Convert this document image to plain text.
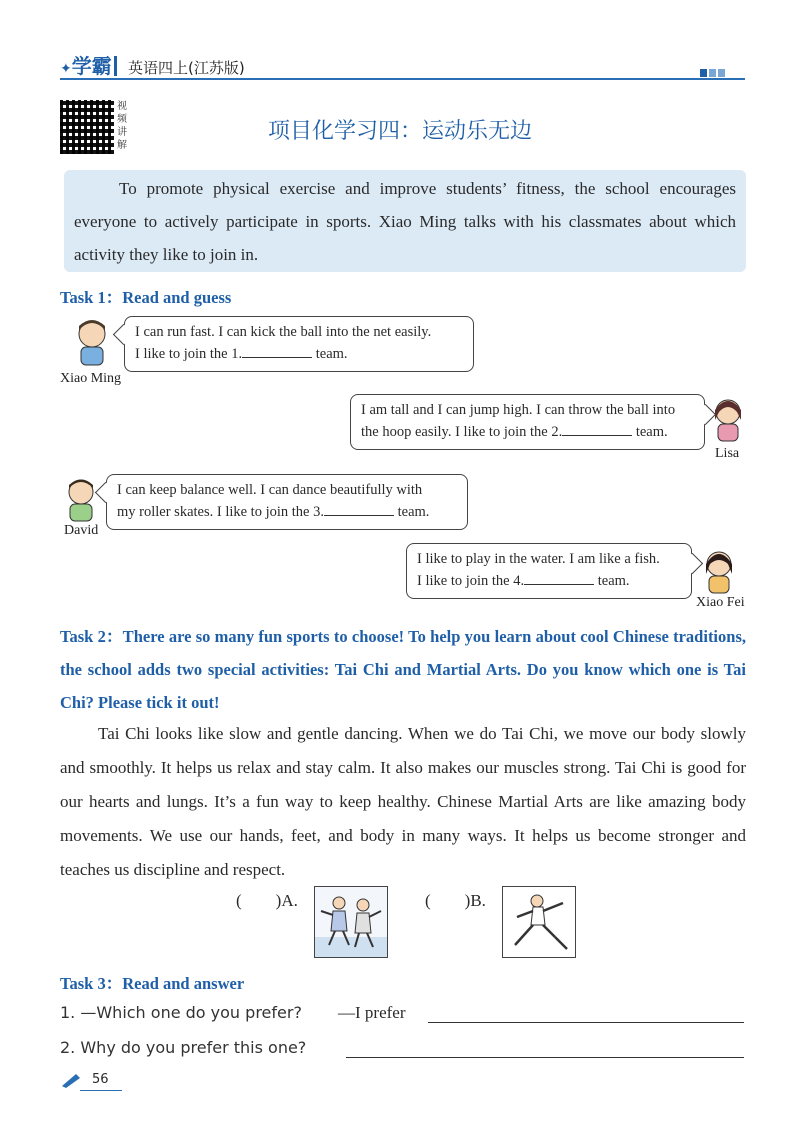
✦学霸 英语四上(江苏版)
视频讲解
项目化学习四：运动乐无边

To promote physical exercise and improve students’ fitness, the school encourages everyone to actively participate in sports. Xiao Ming talks with his classmates about which activity they like to join in.

Task 1：Read and guess
Xiao Ming
I can run fast. I can kick the ball into the net easily.
I like to join the 1.	team.
I am tall and I can jump high. I can throw the ball into
the hoop easily. I like to join the 2.	team.
Lisa
David
I can keep balance well. I can dance beautifully with
my roller skates. I like to join the 3.	team.
I like to play in the water. I am like a fish.
I like to join the 4.	team.
Xiao Fei
Task 2：There are so many fun sports to choose! To help you learn about cool Chinese traditions, the school adds two special activities: Tai Chi and Martial Arts. Do you know which one is Tai Chi? Please tick it out!
Tai Chi looks like slow and gentle dancing. When we do Tai Chi, we move our body slowly and smoothly. It helps us relax and stay calm. It also makes our muscles strong. Tai Chi is good for our hearts and lungs. It’s a fun way to keep healthy. Chinese Martial Arts are like amazing body movements. We use our hands, feet, and body in many ways. It helps us become stronger and teaches us discipline and respect.
(　　)A.	(　　)B.
Task 3：Read and answer
1. —Which one do you prefer? —I prefer
2. Why do you prefer this one?
56
